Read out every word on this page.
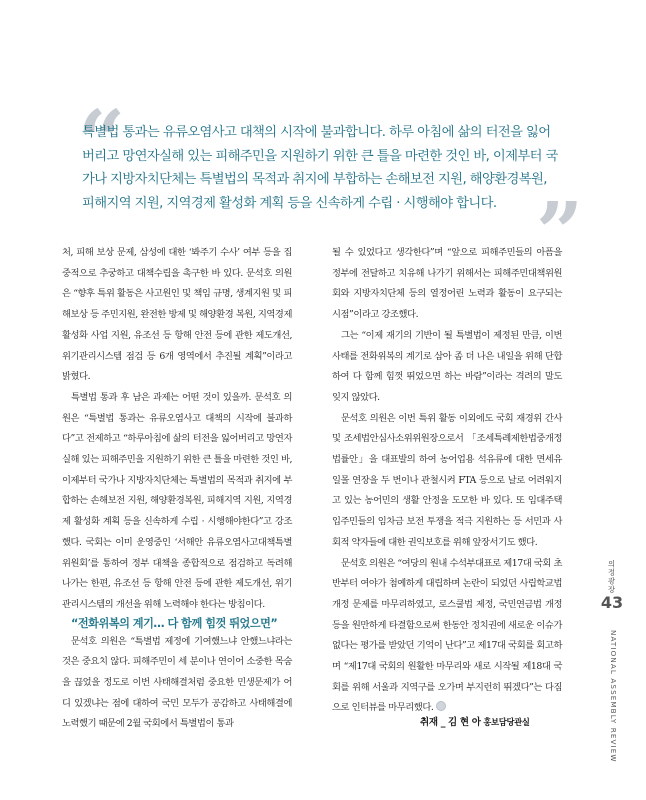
“

특별법 통과는 유류오염사고 대책의 시작에 불과합니다. 하루 아침에 삶의 터전을 잃어버리고 망연자실해 있는 피해주민을 지원하기 위한 큰 틀을 마련한 것인 바, 이제부터 국가나 지방자치단체는 특별법의 목적과 취지에 부합하는 손해보전 지원, 해양환경복원, 피해지역 지원, 지역경제 활성화 계획 등을 신속하게 수립 · 시행해야 합니다. ”

처, 피해 보상 문제, 삼성에 대한 ‘봐주기 수사’ 여부 등을 집중적으로 추궁하고 대책수립을 촉구한 바 있다. 문석호 의원은 “향후 특위 활동은 사고원인 및 책임 규명, 생계지원 및 피해보상 등 주민지원, 완전한 방제 및 해양환경 복원, 지역경제 활성화 사업 지원, 유조선 등 항해 안전 등에 관한 제도개선, 위기관리시스템 점검 등 6개 영역에서 추진될 계획”이라고 밝혔다.

특별법 통과 후 남은 과제는 어떤 것이 있을까. 문석호 의원은 “특별법 통과는 유류오염사고 대책의 시작에 불과하다”고 전제하고 “하루아침에 삶의 터전을 잃어버리고 망연자실해 있는 피해주민을 지원하기 위한 큰 틀을 마련한 것인 바, 이제부터 국가나 지방자치단체는 특별법의 목적과 취지에 부합하는 손해보전 지원, 해양환경복원, 피해지역 지원, 지역경제 활성화 계획 등을 신속하게 수립 · 시행해야한다”고 강조했다. 국회는 이미 운영중인 ‘서해안 유류오염사고대책특별위원회’를 통하여 정부 대책을 종합적으로 점검하고 독려해 나가는 한편, 유조선 등 항해 안전 등에 관한 제도개선, 위기관리시스템의 개선을 위해 노력해야 한다는 방침이다.

“전화위복의 계기… 다 함께 힘껏 뛰었으면”

문석호 의원은 “특별법 제정에 기여했느냐 안했느냐라는 것은 중요치 않다. 피해주민이 세 분이나 연이어 소중한 목숨을 끊었을 정도로 이번 사태해결처럼 중요한 민생문제가 어디 있겠냐는 점에 대하여 국민 모두가 공감하고 사태해결에 노력했기 때문에 2월 국회에서 특별법이 통과

될 수 있었다고 생각한다”며 “앞으로 피해주민들의 아픔을 정부에 전달하고 치유해 나가기 위해서는 피해주민대책위원회와 지방자치단체 등의 열정어린 노력과 활동이 요구되는 시점”이라고 강조했다.

그는 “이제 재기의 기반이 될 특별법이 제정된 만큼, 이번 사태를 전화위복의 계기로 삼아 좀 더 나은 내일을 위해 단합하여 다 함께 힘껏 뛰었으면 하는 바람”이라는 격려의 말도 잊지 않았다.

문석호 의원은 이번 특위 활동 이외에도 국회 재경위 간사 및 조세법안심사소위위원장으로서 「조세특례제한법중개정법률안」을 대표발의 하여 농어업용 석유류에 대한 면세유 일몰 연장을 두 번이나 관철시켜 FTA 등으로 날로 어려워지고 있는 농어민의 생활 안정을 도모한 바 있다. 또 임대주택 입주민들의 임차금 보전 투쟁을 적극 지원하는 등 서민과 사회적 약자들에 대한 권익보호를 위해 앞장서기도 했다.

문석호 의원은 “여당의 원내 수석부대표로 제17대 국회 초반부터 여야가 첨예하게 대립하며 논란이 되었던 사립학교법 개정 문제를 마무리하였고, 로스쿨법 제정, 국민연금법 개정 등을 원만하게 타결함으로써 한동안 정치권에 새로운 이슈가 없다는 평가를 받았던 기억이 난다”고 제17대 국회를 회고하며 “제17대 국회의 원활한 마무리와 새로 시작될 제18대 국회를 위해 서울과 지역구를 오가며 부지런히 뛰겠다”는 다짐으로 인터뷰를 마무리했다.

취재 _ 김 현 아 홍보담당관실
의정광장
43
NATIONAL ASSEMBLY REVIEW
